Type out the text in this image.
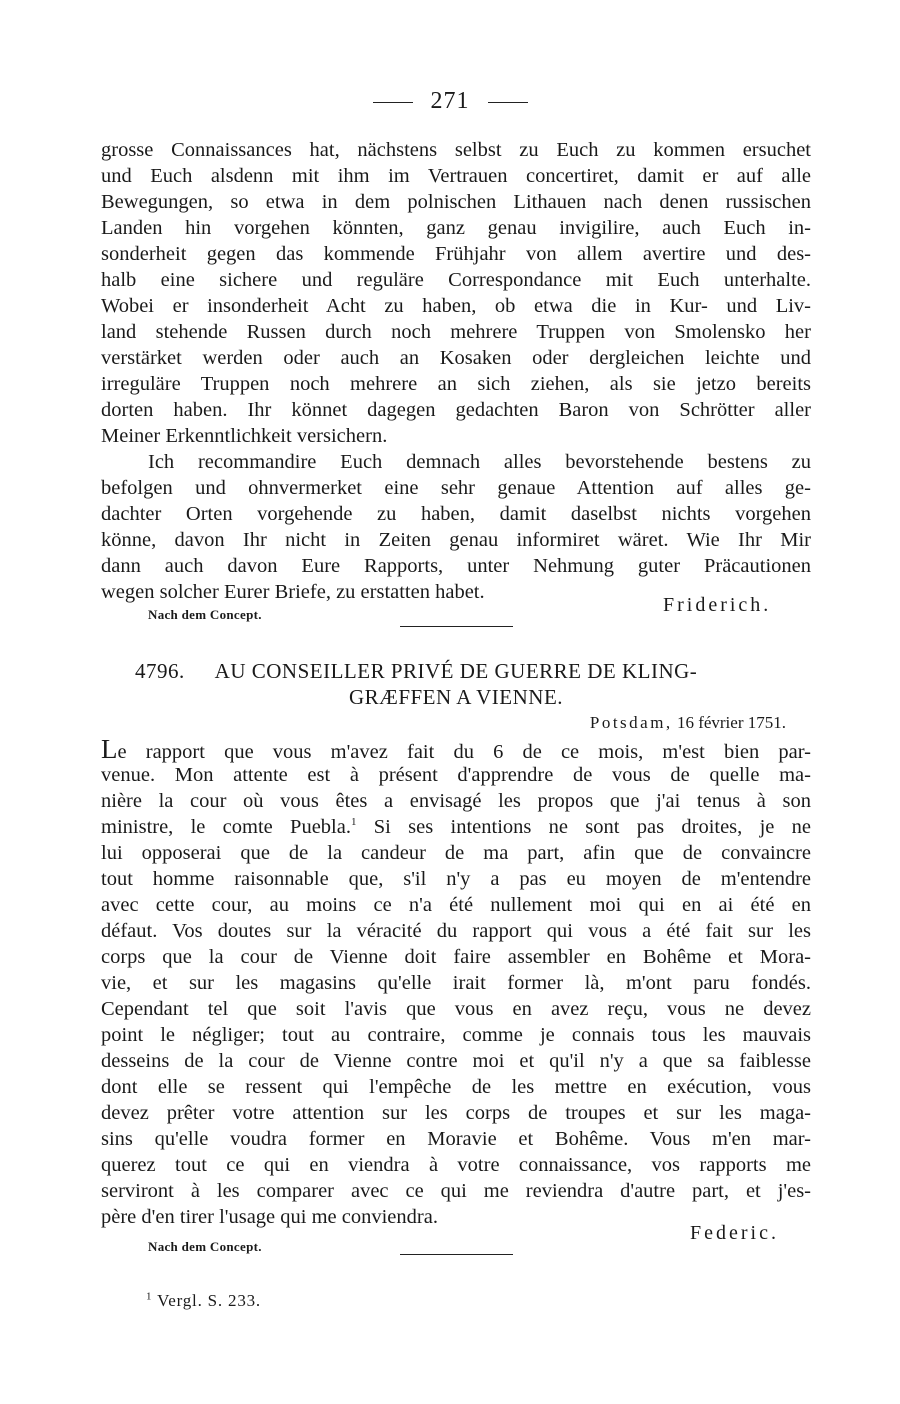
271
grosse Connaissances hat, nächstens selbst zu Euch zu kommen ersuchet
und Euch alsdenn mit ihm im Vertrauen concertiret, damit er auf alle
Bewegungen, so etwa in dem polnischen Lithauen nach denen russischen
Landen hin vorgehen könnten, ganz genau invigilire, auch Euch in-
sonderheit gegen das kommende Frühjahr von allem avertire und des-
halb eine sichere und reguläre Correspondance mit Euch unterhalte.
Wobei er insonderheit Acht zu haben, ob etwa die in Kur- und Liv-
land stehende Russen durch noch mehrere Truppen von Smolensko her
verstärket werden oder auch an Kosaken oder dergleichen leichte und
irreguläre Truppen noch mehrere an sich ziehen, als sie jetzo bereits
dorten haben. Ihr könnet dagegen gedachten Baron von Schrötter aller
Meiner Erkenntlichkeit versichern.
Ich recommandire Euch demnach alles bevorstehende bestens zu
befolgen und ohnvermerket eine sehr genaue Attention auf alles ge-
dachter Orten vorgehende zu haben, damit daselbst nichts vorgehen
könne, davon Ihr nicht in Zeiten genau informiret wäret. Wie Ihr Mir
dann auch davon Eure Rapports, unter Nehmung guter Präcautionen
wegen solcher Eurer Briefe, zu erstatten habet.
Nach dem Concept.	Friderich.
4796.	AU CONSEILLER PRIVÉ DE GUERRE DE KLING-
GRÆFFEN A VIENNE.
Potsdam, 16 février 1751.
Le rapport que vous m'avez fait du 6 de ce mois, m'est bien par-
venue. Mon attente est à présent d'apprendre de vous de quelle ma-
nière la cour où vous êtes a envisagé les propos que j'ai tenus à son
ministre, le comte Puebla.$^1$ Si ses intentions ne sont pas droites, je ne
lui opposerai que de la candeur de ma part, afin que de convaincre
tout homme raisonnable que, s'il n'y a pas eu moyen de m'entendre
avec cette cour, au moins ce n'a été nullement moi qui en ai été en
défaut. Vos doutes sur la véracité du rapport qui vous a été fait sur les
corps que la cour de Vienne doit faire assembler en Bohême et Mora-
vie, et sur les magasins qu'elle irait former là, m'ont paru fondés.
Cependant tel que soit l'avis que vous en avez reçu, vous ne devez
point le négliger; tout au contraire, comme je connais tous les mauvais
desseins de la cour de Vienne contre moi et qu'il n'y a que sa faiblesse
dont elle se ressent qui l'empêche de les mettre en exécution, vous
devez prêter votre attention sur les corps de troupes et sur les maga-
sins qu'elle voudra former en Moravie et Bohême. Vous m'en mar-
querez tout ce qui en viendra à votre connaissance, vos rapports me
serviront à les comparer avec ce qui me reviendra d'autre part, et j'es-
père d'en tirer l'usage qui me conviendra.
Nach dem Concept.
Federic.
$^1$ Vergl. S. 233.
